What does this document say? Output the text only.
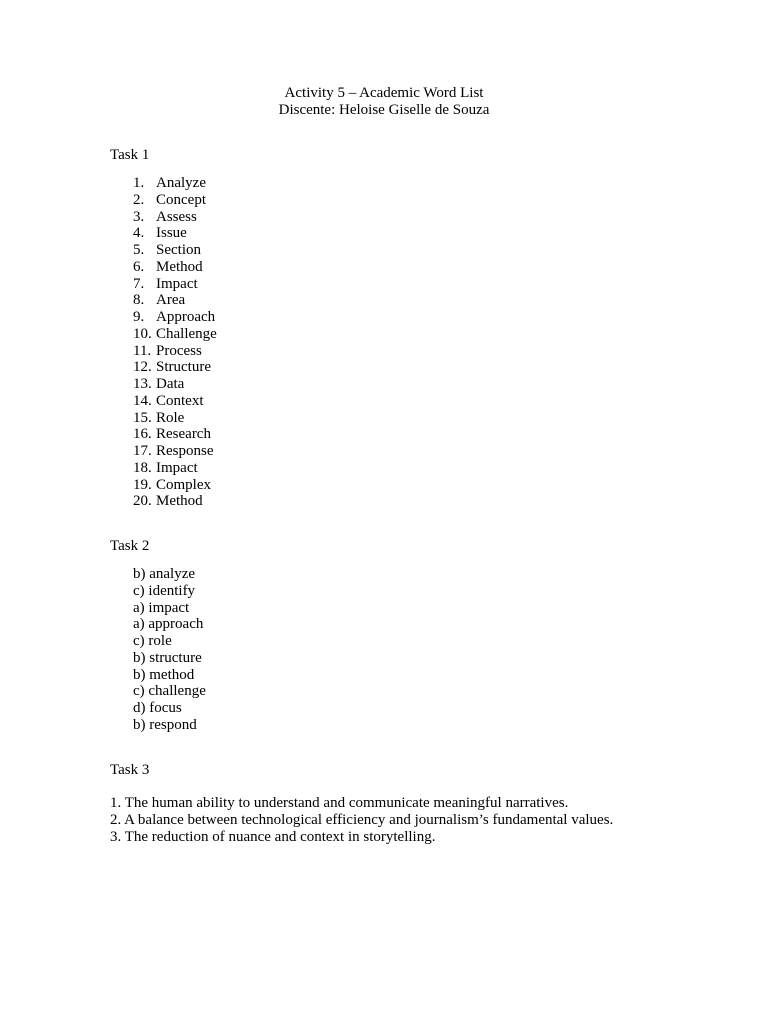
Activity 5 – Academic Word List
Discente: Heloise Giselle de Souza
Task 1
1. Analyze
2. Concept
3. Assess
4. Issue
5. Section
6. Method
7. Impact
8. Area
9. Approach
10. Challenge
11. Process
12. Structure
13. Data
14. Context
15. Role
16. Research
17. Response
18. Impact
19. Complex
20. Method
Task 2
b) analyze
c) identify
a) impact
a) approach
c) role
b) structure
b) method
c) challenge
d) focus
b) respond
Task 3
1. The human ability to understand and communicate meaningful narratives.
2. A balance between technological efficiency and journalism’s fundamental values.
3. The reduction of nuance and context in storytelling.
